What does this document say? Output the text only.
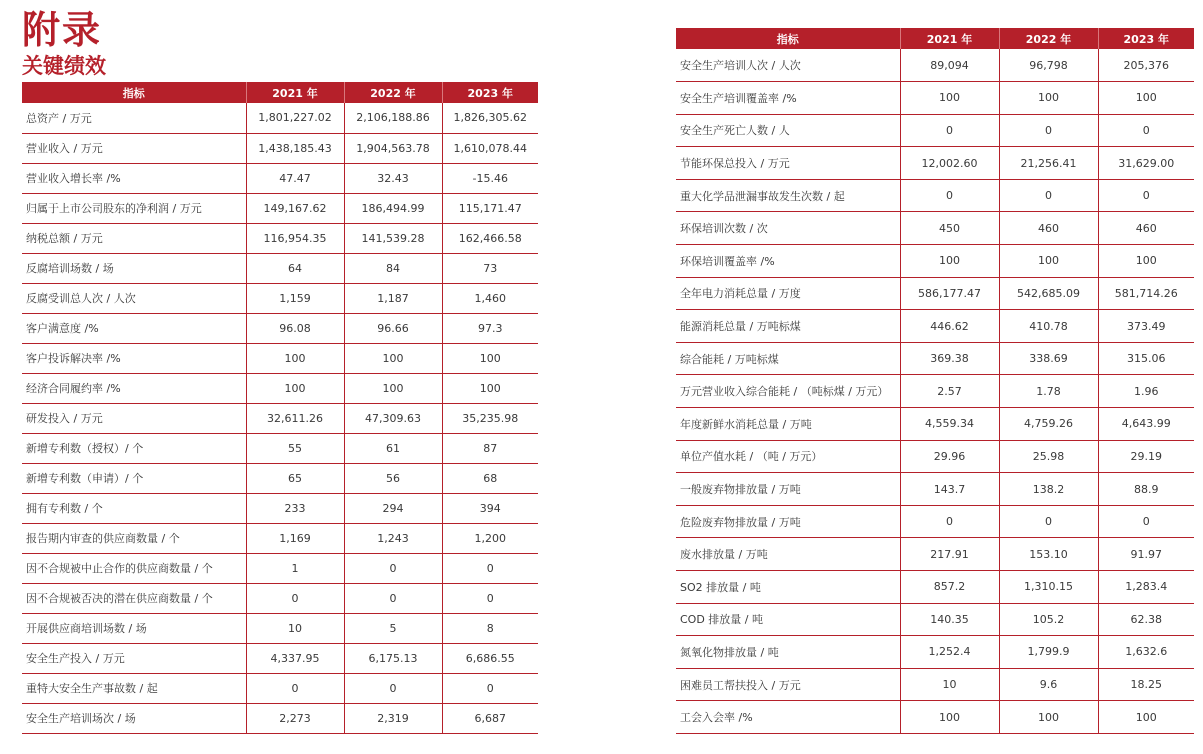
附录
关键绩效
指标	2021 年	2022 年	2023 年
总资产 / 万元	1,801,227.02	2,106,188.86	1,826,305.62
营业收入 / 万元	1,438,185.43	1,904,563.78	1,610,078.44
营业收入增长率 /%	47.47	32.43	-15.46
归属于上市公司股东的净利润 / 万元	149,167.62	186,494.99	115,171.47
纳税总额 / 万元	116,954.35	141,539.28	162,466.58
反腐培训场数 / 场	64	84	73
反腐受训总人次 / 人次	1,159	1,187	1,460
客户满意度 /%	96.08	96.66	97.3
客户投诉解决率 /%	100	100	100
经济合同履约率 /%	100	100	100
研发投入 / 万元	32,611.26	47,309.63	35,235.98
新增专利数（授权）/ 个	55	61	87
新增专利数（申请）/ 个	65	56	68
拥有专利数 / 个	233	294	394
报告期内审查的供应商数量 / 个	1,169	1,243	1,200
因不合规被中止合作的供应商数量 / 个	1	0	0
因不合规被否决的潜在供应商数量 / 个	0	0	0
开展供应商培训场数 / 场	10	5	8
安全生产投入 / 万元	4,337.95	6,175.13	6,686.55
重特大安全生产事故数 / 起	0	0	0
安全生产培训场次 / 场	2,273	2,319	6,687
指标	2021 年	2022 年	2023 年
安全生产培训人次 / 人次	89,094	96,798	205,376
安全生产培训覆盖率 /%	100	100	100
安全生产死亡人数 / 人	0	0	0
节能环保总投入 / 万元	12,002.60	21,256.41	31,629.00
重大化学品泄漏事故发生次数 / 起	0	0	0
环保培训次数 / 次	450	460	460
环保培训覆盖率 /%	100	100	100
全年电力消耗总量 / 万度	586,177.47	542,685.09	581,714.26
能源消耗总量 / 万吨标煤	446.62	410.78	373.49
综合能耗 / 万吨标煤	369.38	338.69	315.06
万元营业收入综合能耗 / （吨标煤 / 万元）	2.57	1.78	1.96
年度新鲜水消耗总量 / 万吨	4,559.34	4,759.26	4,643.99
单位产值水耗 / （吨 / 万元）	29.96	25.98	29.19
一般废弃物排放量 / 万吨	143.7	138.2	88.9
危险废弃物排放量 / 万吨	0	0	0
废水排放量 / 万吨	217.91	153.10	91.97
SO2 排放量 / 吨	857.2	1,310.15	1,283.4
COD 排放量 / 吨	140.35	105.2	62.38
氮氧化物排放量 / 吨	1,252.4	1,799.9	1,632.6
困难员工帮扶投入 / 万元	10	9.6	18.25
工会入会率 /%	100	100	100
